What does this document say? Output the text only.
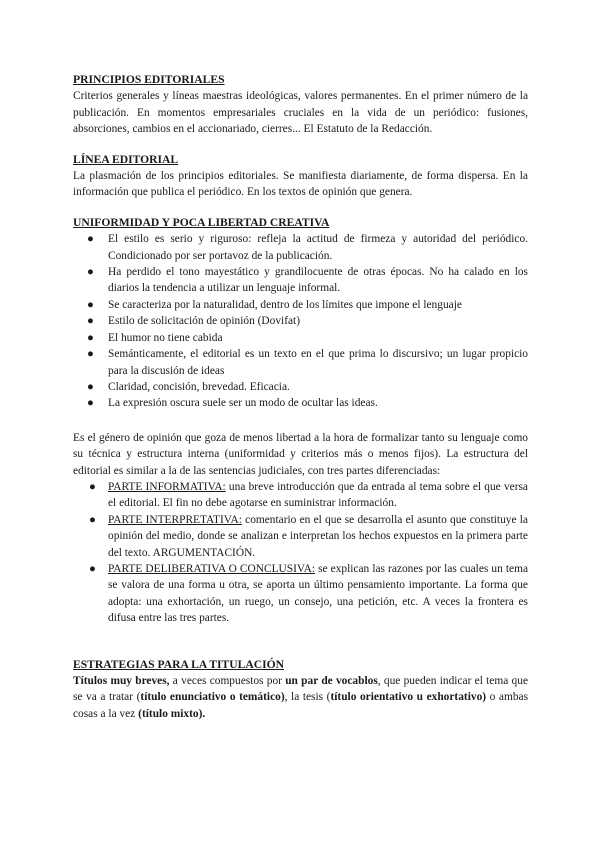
PRINCIPIOS EDITORIALES

Criterios generales y líneas maestras ideológicas, valores permanentes. En el primer número de la publicación. En momentos empresariales cruciales en la vida de un periódico: fusiones, absorciones, cambios en el accionariado, cierres... El Estatuto de la Redacción.

LÍNEA EDITORIAL

La plasmación de los principios editoriales. Se manifiesta diariamente, de forma dispersa. En la información que publica el periódico. En los textos de opinión que genera.

UNIFORMIDAD Y POCA LIBERTAD CREATIVA

● El estilo es serio y riguroso: refleja la actitud de firmeza y autoridad del periódico. Condicionado por ser portavoz de la publicación.
● Ha perdido el tono mayestático y grandilocuente de otras épocas. No ha calado en los diarios la tendencia a utilizar un lenguaje informal.
● Se caracteriza por la naturalidad, dentro de los límites que impone el lenguaje
● Estilo de solicitación de opinión (Dovifat)
● El humor no tiene cabida
● Semánticamente, el editorial es un texto en el que prima lo discursivo; un lugar propicio para la discusión de ideas
● Claridad, concisión, brevedad. Eficacia.
● La expresión oscura suele ser un modo de ocultar las ideas.

Es el género de opinión que goza de menos libertad a la hora de formalizar tanto su lenguaje como su técnica y estructura interna (uniformidad y criterios más o menos fijos). La estructura del editorial es similar a la de las sentencias judiciales, con tres partes diferenciadas:

● PARTE INFORMATIVA: una breve introducción que da entrada al tema sobre el que versa el editorial. El fin no debe agotarse en suministrar información.
● PARTE INTERPRETATIVA: comentario en el que se desarrolla el asunto que constituye la opinión del medio, donde se analizan e interpretan los hechos expuestos en la primera parte del texto. ARGUMENTACIÓN.
● PARTE DELIBERATIVA O CONCLUSIVA: se explican las razones por las cuales un tema se valora de una forma u otra, se aporta un último pensamiento importante. La forma que adopta: una exhortación, un ruego, un consejo, una petición, etc. A veces la frontera es difusa entre las tres partes.

ESTRATEGIAS PARA LA TITULACIÓN

Títulos muy breves, a veces compuestos por un par de vocablos, que pueden indicar el tema que se va a tratar (título enunciativo o temático), la tesis (título orientativo u exhortativo) o ambas cosas a la vez (título mixto).
